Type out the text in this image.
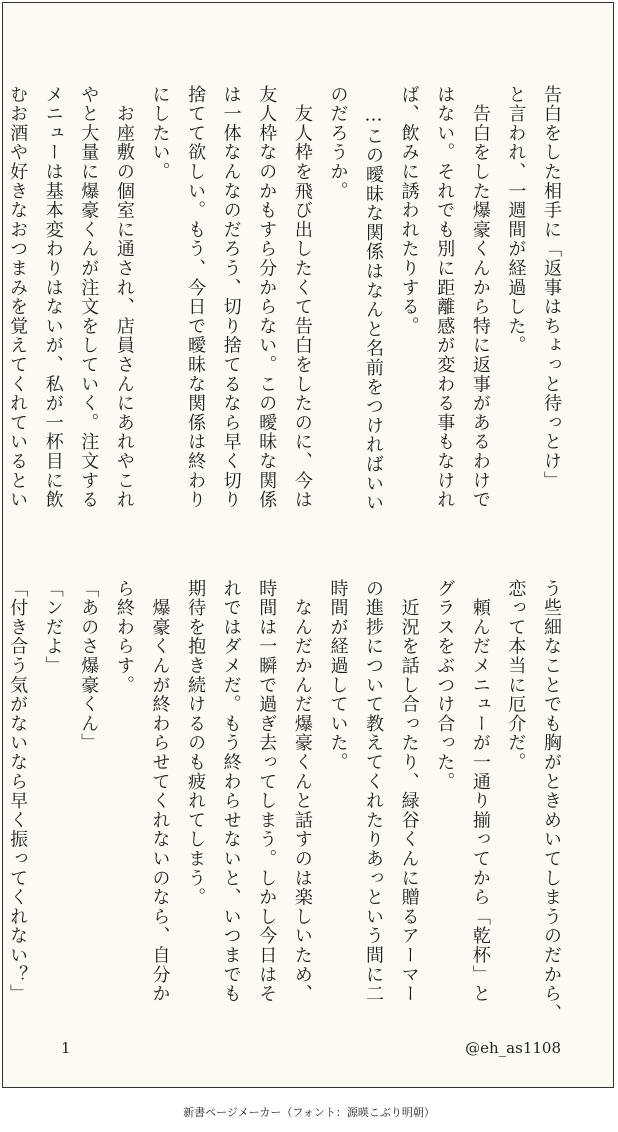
告白をした相手に「返事はちょっと待っとけ」
と言われ、一週間が経過した。
　告白をした爆豪くんから特に返事があるわけで
はない。それでも別に距離感が変わる事もなけれ
ば、飲みに誘われたりする。
　…この曖昧な関係はなんと名前をつければいい
のだろうか。
　友人枠を飛び出したくて告白をしたのに、今は
友人枠なのかもすら分からない。この曖昧な関係
は一体なんなのだろう、切り捨てるなら早く切り
捨てて欲しい。もう、今日で曖昧な関係は終わり
にしたい。
　お座敷の個室に通され、店員さんにあれやこれ
やと大量に爆豪くんが注文をしていく。注文する
メニューは基本変わりはないが、私が一杯目に飲
むお酒や好きなおつまみを覚えてくれているとい
う些細なことでも胸がときめいてしまうのだから、
恋って本当に厄介だ。
　頼んだメニューが一通り揃ってから「乾杯」と
グラスをぶつけ合った。
　近況を話し合ったり、緑谷くんに贈るアーマー
の進捗について教えてくれたりあっという間に二
時間が経過していた。
　なんだかんだ爆豪くんと話すのは楽しいため、
時間は一瞬で過ぎ去ってしまう。しかし今日はそ
れではダメだ。もう終わらせないと、いつまでも
期待を抱き続けるのも疲れてしまう。
　爆豪くんが終わらせてくれないのなら、自分か
ら終わらす。
「あのさ爆豪くん」
「ンだよ」
「付き合う気がないなら早く振ってくれない？」
1	@eh_as1108
新書ページメーカー（フォント：源暎こぶり明朝）
